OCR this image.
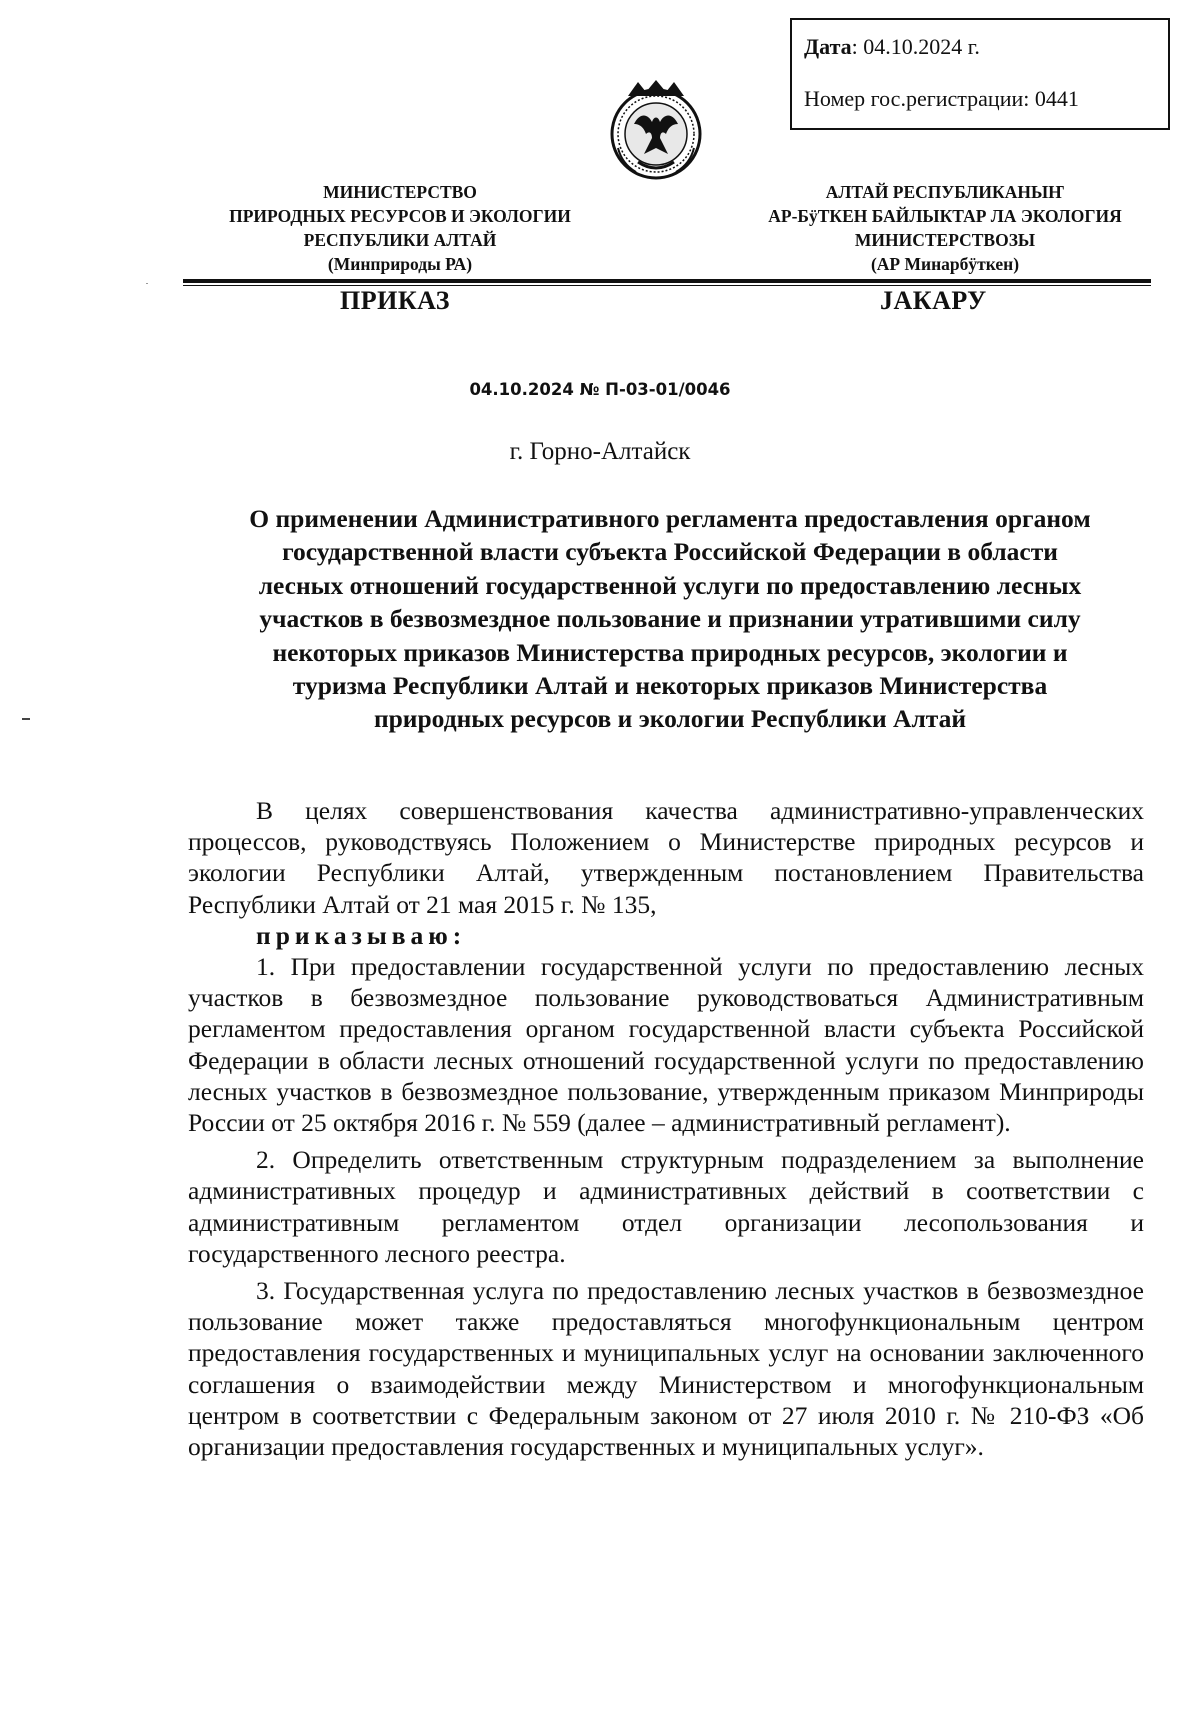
Дата: 04.10.2024 г.
Номер гос.регистрации: 0441
МИНИСТЕРСТВО
ПРИРОДНЫХ РЕСУРСОВ И ЭКОЛОГИИ
РЕСПУБЛИКИ АЛТАЙ
(Минприроды РА)
АЛТАЙ РЕСПУБЛИКАНЫҤ
АР-БÿТКЕН БАЙЛЫКТАР ЛА ЭКОЛОГИЯ
МИНИСТЕРСТВОЗЫ
(АР Минарбÿткен)
ПРИКАЗ	JАКАРУ
04.10.2024 № П-03-01/0046
г. Горно-Алтайск
О применении Административного регламента предоставления органом
государственной власти субъекта Российской Федерации в области
лесных отношений государственной услуги по предоставлению лесных
участков в безвозмездное пользование и признании утратившими силу
некоторых приказов Министерства природных ресурсов, экологии и
туризма Республики Алтай и некоторых приказов Министерства
природных ресурсов и экологии Республики Алтай

В целях совершенствования качества административно-управленческих процессов, руководствуясь Положением о Министерстве природных ресурсов и экологии Республики Алтай, утвержденным постановлением Правительства Республики Алтай от 21 мая 2015 г. № 135,

приказываю:

1. При предоставлении государственной услуги по предоставлению лесных участков в безвозмездное пользование руководствоваться Административным регламентом предоставления органом государственной власти субъекта Российской Федерации в области лесных отношений государственной услуги по предоставлению лесных участков в безвозмездное пользование, утвержденным приказом Минприроды России от 25 октября 2016 г. № 559 (далее – административный регламент).

2. Определить ответственным структурным подразделением за выполнение административных процедур и административных действий в соответствии с административным регламентом отдел организации лесопользования и государственного лесного реестра.

3. Государственная услуга по предоставлению лесных участков в безвозмездное пользование может также предоставляться многофункциональным центром предоставления государственных и муниципальных услуг на основании заключенного соглашения о взаимодействии между Министерством и многофункциональным центром в соответствии с Федеральным законом от 27 июля 2010 г. № 210-ФЗ «Об организации предоставления государственных и муниципальных услуг».
